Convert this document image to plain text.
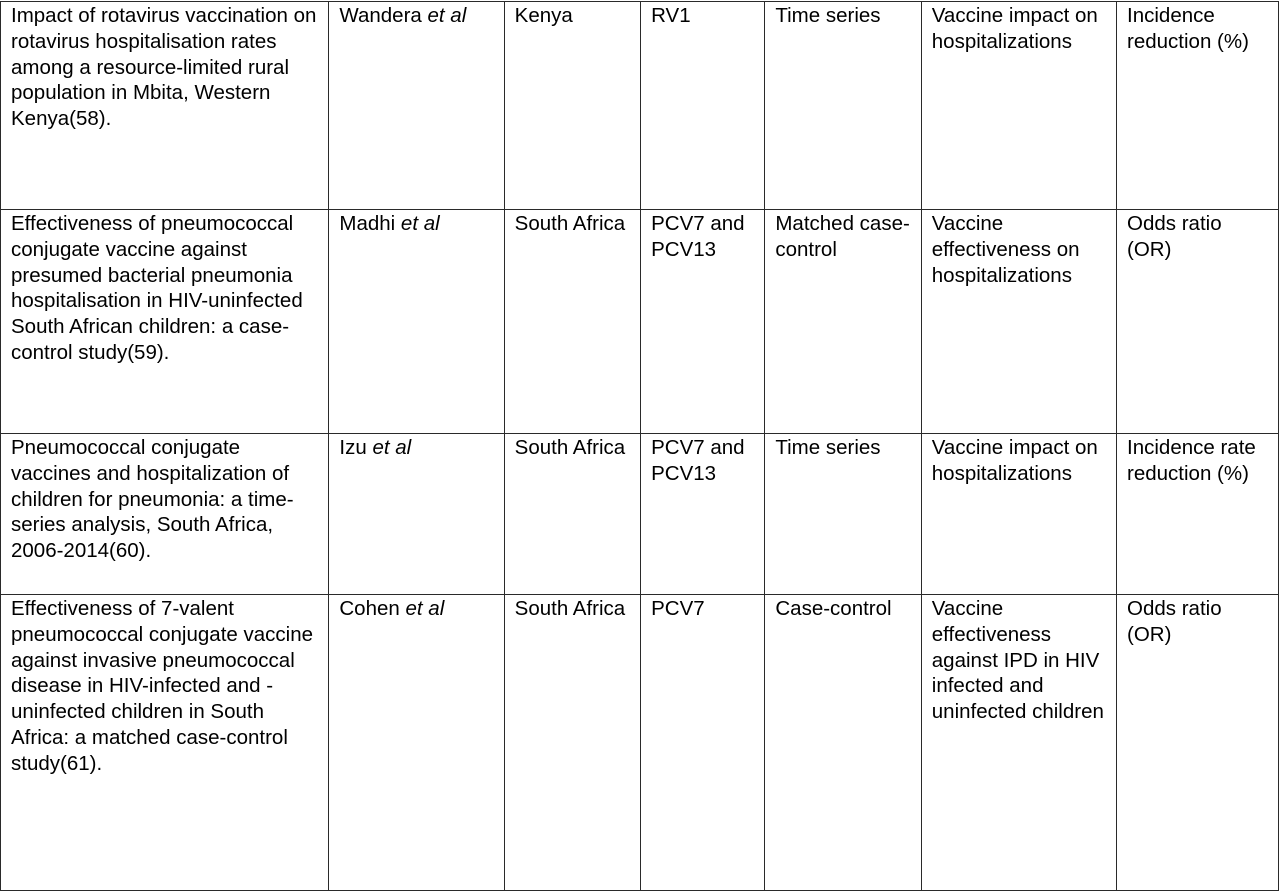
Impact of rotavirus vaccination on rotavirus hospitalisation rates among a resource-limited rural population in Mbita, Western Kenya(58).	Wandera et al	Kenya	RV1	Time series	Vaccine impact on hospitalizations	Incidence reduction (%)
Effectiveness of pneumococcal conjugate vaccine against presumed bacterial pneumonia hospitalisation in HIV-uninfected South African children: a case-control study(59).	Madhi et al	South Africa	PCV7 and PCV13	Matched case-control	Vaccine effectiveness on hospitalizations	Odds ratio (OR)
Pneumococcal conjugate vaccines and hospitalization of children for pneumonia: a time-series analysis, South Africa, 2006-2014(60).	Izu et al	South Africa	PCV7 and PCV13	Time series	Vaccine impact on hospitalizations	Incidence rate reduction (%)
Effectiveness of 7-valent pneumococcal conjugate vaccine against invasive pneumococcal disease in HIV-infected and -uninfected children in South Africa: a matched case-control study(61).	Cohen et al	South Africa	PCV7	Case-control	Vaccine effectiveness against IPD in HIV infected and uninfected children	Odds ratio (OR)
